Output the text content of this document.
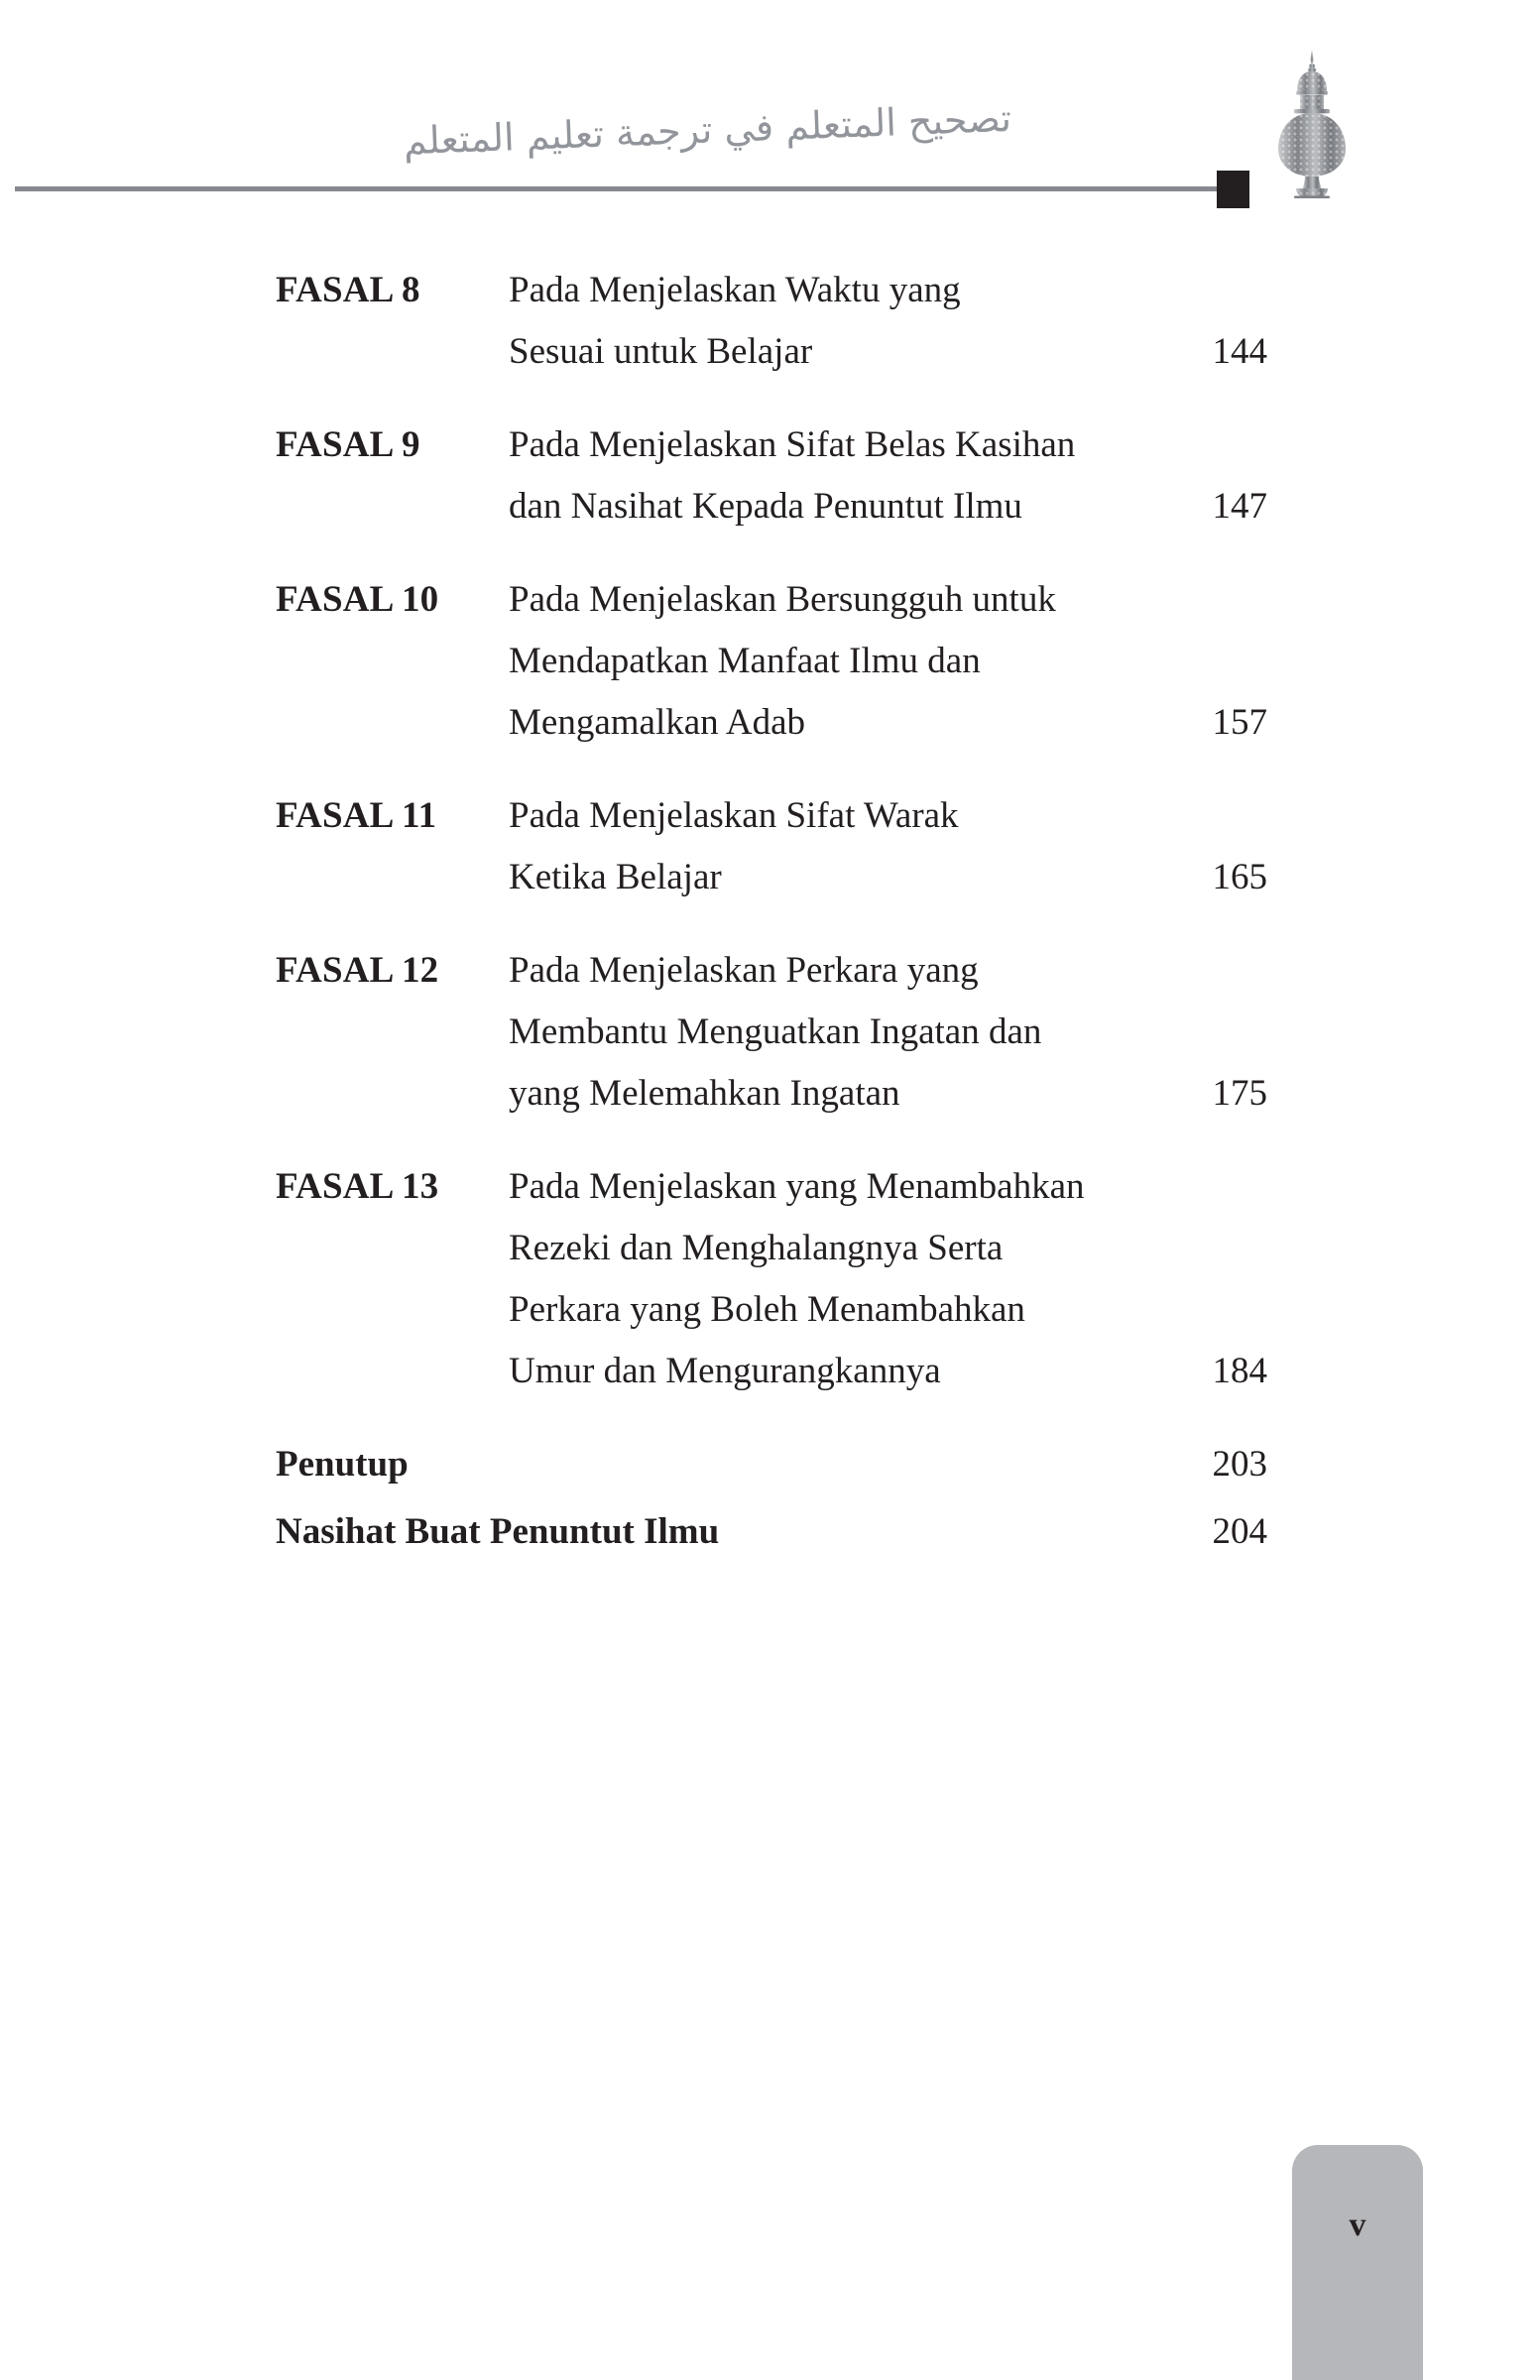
تصحيح المتعلم في ترجمة تعليم المتعلم
FASAL 8	Pada Menjelaskan Waktu yang
Sesuai untuk Belajar	144
FASAL 9	Pada Menjelaskan Sifat Belas Kasihan
dan Nasihat Kepada Penuntut Ilmu	147
FASAL 10	Pada Menjelaskan Bersungguh untuk
Mendapatkan Manfaat Ilmu dan
Mengamalkan Adab	157
FASAL 11	Pada Menjelaskan Sifat Warak
Ketika Belajar	165
FASAL 12	Pada Menjelaskan Perkara yang
Membantu Menguatkan Ingatan dan
yang Melemahkan Ingatan	175
FASAL 13	Pada Menjelaskan yang Menambahkan
Rezeki dan Menghalangnya Serta
Perkara yang Boleh Menambahkan
Umur dan Mengurangkannya	184
Penutup	203
Nasihat Buat Penuntut Ilmu	204
v
